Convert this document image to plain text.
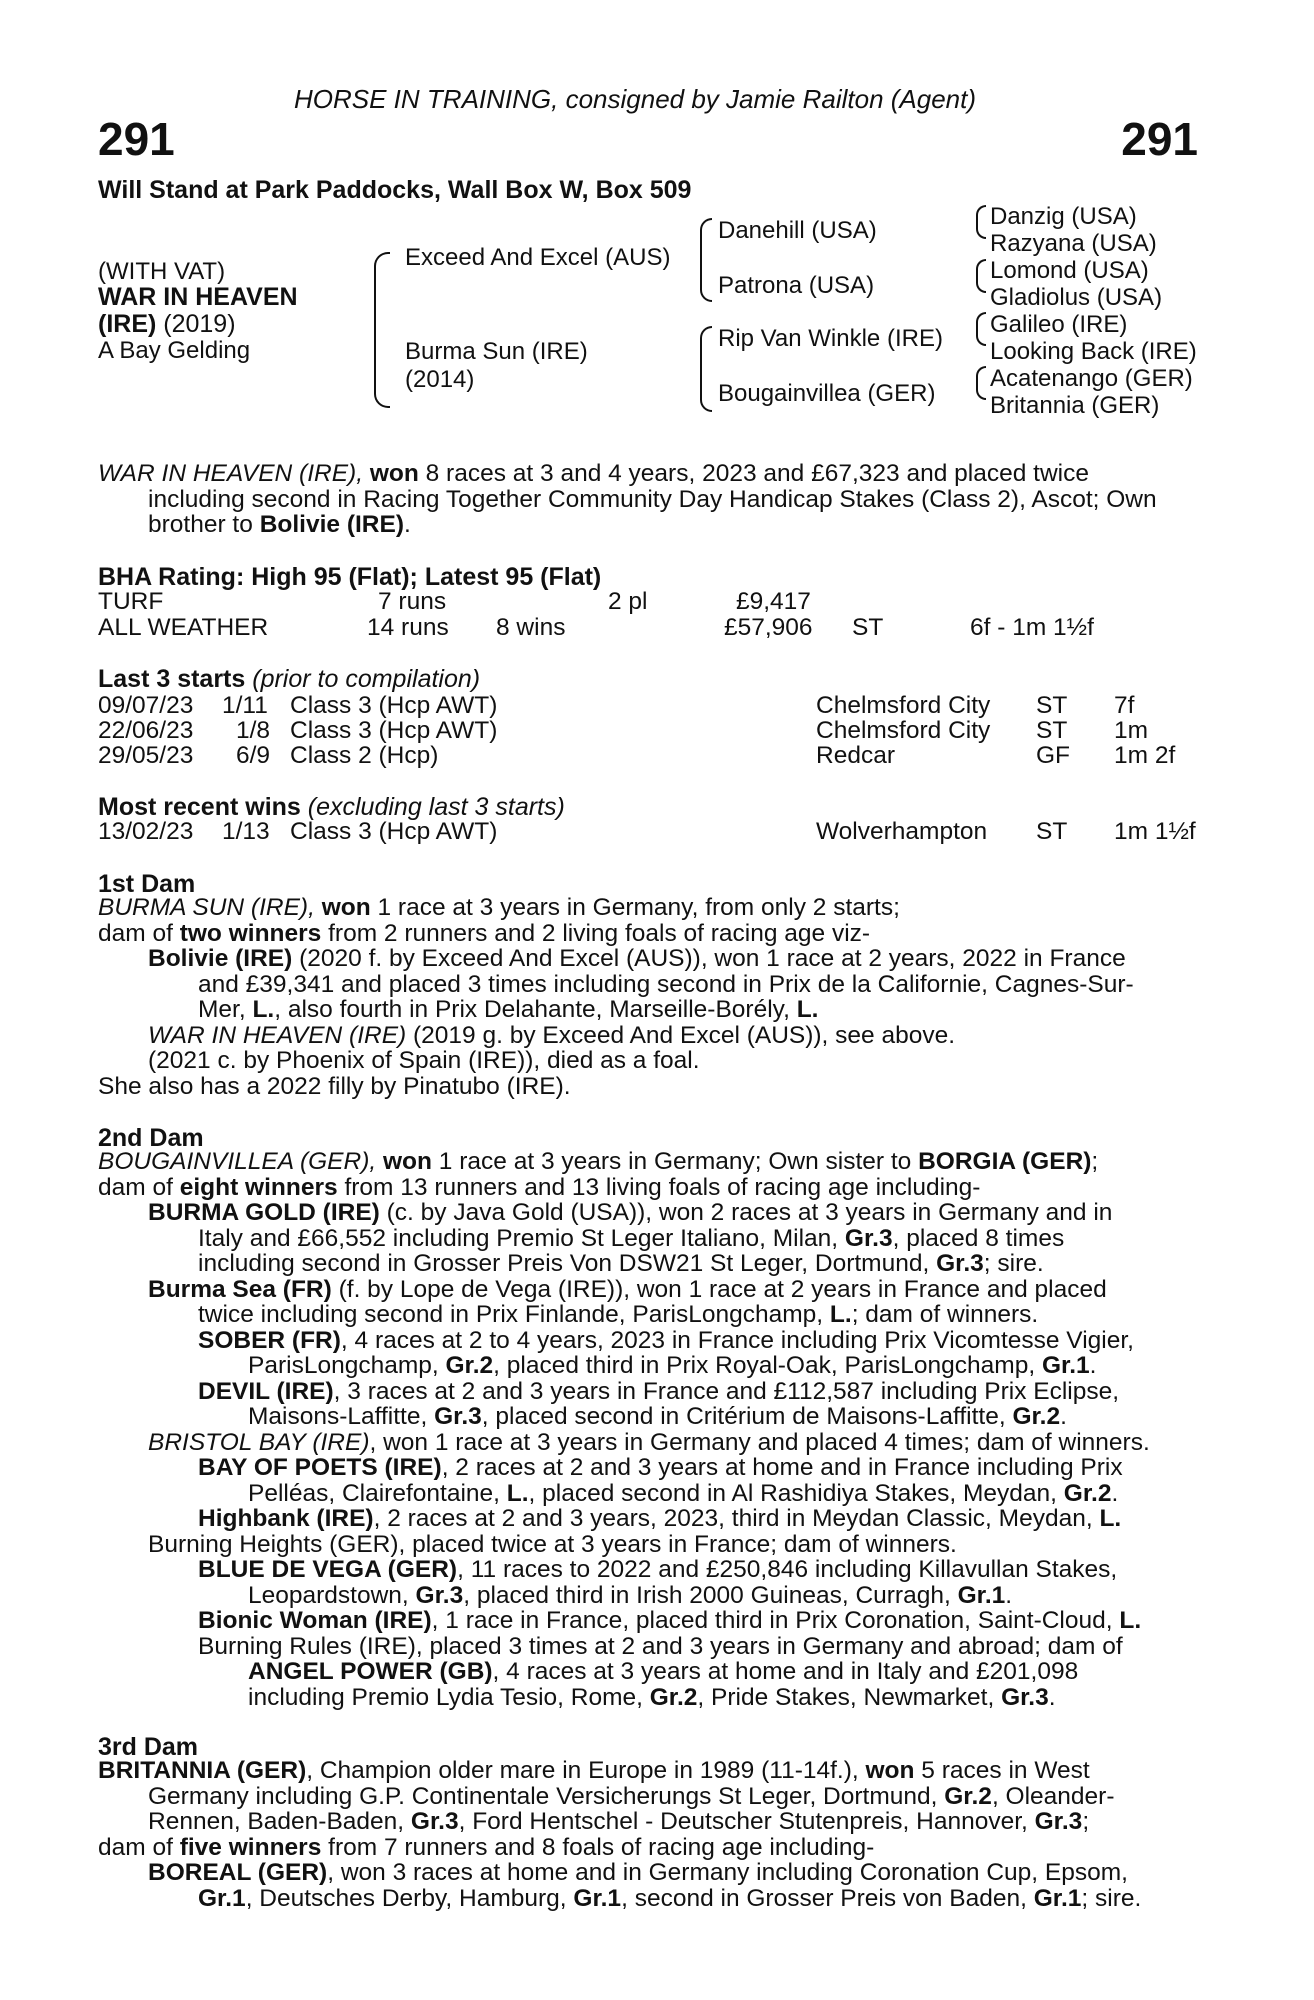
HORSE IN TRAINING, consigned by Jamie Railton (Agent)
291	291
Will Stand at Park Paddocks, Wall Box W, Box 509
(WITH VAT)
WAR IN HEAVEN
(IRE) (2019)
A Bay Gelding
Exceed And Excel (AUS)
Burma Sun (IRE)
(2014)
Danehill (USA)
Patrona (USA)
Rip Van Winkle (IRE)
Bougainvillea (GER)
Danzig (USA)
Razyana (USA)
Lomond (USA)
Gladiolus (USA)
Galileo (IRE)
Looking Back (IRE)
Acatenango (GER)
Britannia (GER)
WAR IN HEAVEN (IRE), won 8 races at 3 and 4 years, 2023 and £67,323 and placed twice
including second in Racing Together Community Day Handicap Stakes (Class 2), Ascot; Own
brother to Bolivie (IRE).
BHA Rating: High 95 (Flat); Latest 95 (Flat)
TURF	7 runs	2 pl	£9,417
ALL WEATHER	14 runs 8 wins	£57,906 ST	6f - 1m 1½f
Last 3 starts (prior to compilation)
09/07/23 1/11 Class 3 (Hcp AWT)	Chelmsford City ST 7f
22/06/23 1/8 Class 3 (Hcp AWT)	Chelmsford City ST 1m
29/05/23 6/9 Class 2 (Hcp)	Redcar	GF 1m 2f
Most recent wins (excluding last 3 starts)
13/02/23 1/13 Class 3 (Hcp AWT)	Wolverhampton ST 1m 1½f
1st Dam
BURMA SUN (IRE), won 1 race at 3 years in Germany, from only 2 starts;
dam of two winners from 2 runners and 2 living foals of racing age viz-
Bolivie (IRE) (2020 f. by Exceed And Excel (AUS)), won 1 race at 2 years, 2022 in France
and £39,341 and placed 3 times including second in Prix de la Californie, Cagnes-Sur-
Mer, L., also fourth in Prix Delahante, Marseille-Borély, L.
WAR IN HEAVEN (IRE) (2019 g. by Exceed And Excel (AUS)), see above.
(2021 c. by Phoenix of Spain (IRE)), died as a foal.
She also has a 2022 filly by Pinatubo (IRE).
2nd Dam
BOUGAINVILLEA (GER), won 1 race at 3 years in Germany; Own sister to BORGIA (GER);
dam of eight winners from 13 runners and 13 living foals of racing age including-
BURMA GOLD (IRE) (c. by Java Gold (USA)), won 2 races at 3 years in Germany and in
Italy and £66,552 including Premio St Leger Italiano, Milan, Gr.3, placed 8 times
including second in Grosser Preis Von DSW21 St Leger, Dortmund, Gr.3; sire.
Burma Sea (FR) (f. by Lope de Vega (IRE)), won 1 race at 2 years in France and placed
twice including second in Prix Finlande, ParisLongchamp, L.; dam of winners.
SOBER (FR), 4 races at 2 to 4 years, 2023 in France including Prix Vicomtesse Vigier,
ParisLongchamp, Gr.2, placed third in Prix Royal-Oak, ParisLongchamp, Gr.1.
DEVIL (IRE), 3 races at 2 and 3 years in France and £112,587 including Prix Eclipse,
Maisons-Laffitte, Gr.3, placed second in Critérium de Maisons-Laffitte, Gr.2.
BRISTOL BAY (IRE), won 1 race at 3 years in Germany and placed 4 times; dam of winners.
BAY OF POETS (IRE), 2 races at 2 and 3 years at home and in France including Prix
Pelléas, Clairefontaine, L., placed second in Al Rashidiya Stakes, Meydan, Gr.2.
Highbank (IRE), 2 races at 2 and 3 years, 2023, third in Meydan Classic, Meydan, L.
Burning Heights (GER), placed twice at 3 years in France; dam of winners.
BLUE DE VEGA (GER), 11 races to 2022 and £250,846 including Killavullan Stakes,
Leopardstown, Gr.3, placed third in Irish 2000 Guineas, Curragh, Gr.1.
Bionic Woman (IRE), 1 race in France, placed third in Prix Coronation, Saint-Cloud, L.
Burning Rules (IRE), placed 3 times at 2 and 3 years in Germany and abroad; dam of
ANGEL POWER (GB), 4 races at 3 years at home and in Italy and £201,098
including Premio Lydia Tesio, Rome, Gr.2, Pride Stakes, Newmarket, Gr.3.
3rd Dam
BRITANNIA (GER), Champion older mare in Europe in 1989 (11-14f.), won 5 races in West
Germany including G.P. Continentale Versicherungs St Leger, Dortmund, Gr.2, Oleander-
Rennen, Baden-Baden, Gr.3, Ford Hentschel - Deutscher Stutenpreis, Hannover, Gr.3;
dam of five winners from 7 runners and 8 foals of racing age including-
BOREAL (GER), won 3 races at home and in Germany including Coronation Cup, Epsom,
Gr.1, Deutsches Derby, Hamburg, Gr.1, second in Grosser Preis von Baden, Gr.1; sire.
